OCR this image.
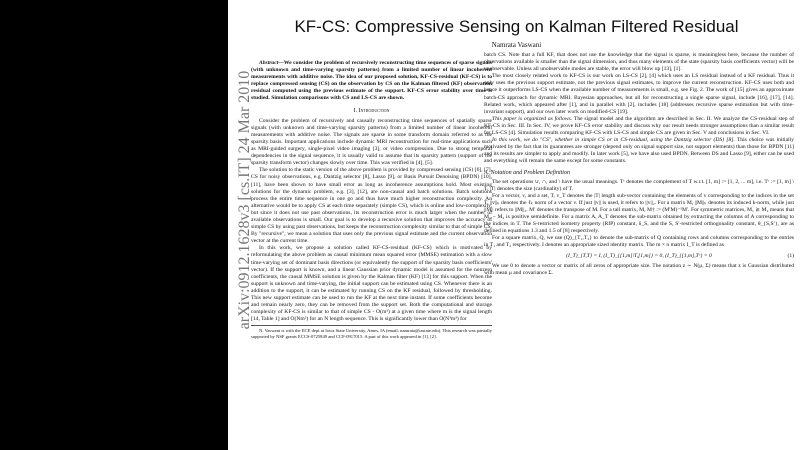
arXiv:0912.1628v3 [cs.IT] 24 Mar 2010
KF-CS: Compressive Sensing on Kalman Filtered Residual
Namrata Vaswani

Abstract—We consider the problem of recursively reconstructing time sequences of sparse signals (with unknown and time-varying sparsity patterns) from a limited number of linear incoherent measurements with additive noise. The idea of our proposed solution, KF-CS-residual (KF-CS) is to replace compressed sensing (CS) on the observation by CS on the Kalman filtered (KF) observation residual computed using the previous estimate of the support. KF-CS error stability over time is studied. Simulation comparisons with CS and LS-CS are shown.

I. Introduction

Consider the problem of recursively and causally reconstructing time sequences of spatially sparse signals (with unknown and time-varying sparsity patterns) from a limited number of linear incoherent measurements with additive noise. The signals are sparse in some transform domain referred to as the sparsity basis. Important applications include dynamic MRI reconstruction for real-time applications such as MRI-guided surgery, single-pixel video imaging [3], or video compression. Due to strong temporal dependencies in the signal sequence, it is usually valid to assume that its sparsity pattern (support of the sparsity transform vector) changes slowly over time. This was verified in [4], [5].

The solution to the static version of the above problem is provided by compressed sensing (CS) [6], [7]. CS for noisy observations, e.g. Dantzig selector [8], Lasso [9], or Basis Pursuit Denoising (BPDN) [10], [11], have been shown to have small error as long as incoherence assumptions hold. Most existing solutions for the dynamic problem, e.g. [3], [12], are non-causal and batch solutions. Batch solutions process the entire time sequence in one go and thus have much higher reconstruction complexity. An alternative would be to apply CS at each time separately (simple CS), which is online and low-complexity, but since it does not use past observations, its reconstruction error is much larger when the number of available observations is small. Our goal is to develop a recursive solution that improves the accuracy of simple CS by using past observations, but keeps the reconstruction complexity similar to that of simple CS. By "recursive", we mean a solution that uses only the previous signal estimate and the current observation vector at the current time.

In this work, we propose a solution called KF-CS-residual (KF-CS) which is motivated by reformulating the above problem as causal minimum mean squared error (MMSE) estimation with a slow time-varying set of dominant basis directions (or equivalently the support of the sparsity basis coefficients' vector). If the support is known, and a linear Gaussian prior dynamic model is assumed for the nonzero coefficients, the causal MMSE solution is given by the Kalman filter (KF) [13] for this support. When the support is unknown and time-varying, the initial support can be estimated using CS. Whenever there is an addition to the support, it can be estimated by running CS on the KF residual, followed by thresholding. This new support estimate can be used to run the KF at the next time instant. If some coefficients become and remain nearly zero, they can be removed from the support set. Both the computational and storage complexity of KF-CS is similar to that of simple CS - O(m³) at a given time where m is the signal length [14, Table 1] and O(Nm²) for an N length sequence. This is significantly lower than O(N³m³) for

N. Vaswani is with the ECE dept at Iowa State University, Ames, IA (email: namrata@iastate.edu). This research was partially supported by NSF grants ECCS-0725849 and CCF-0917015. A part of this work appeared in [1], [2].

batch CS. Note that a full KF, that does not use the knowledge that the signal is sparse, is meaningless here, because the number of observations available is smaller than the signal dimension, and thus many elements of the state (sparsity basis coefficients vector) will be unobservable. Unless all unobservable modes are stable, the error will blow up [13], [1].

The most closely related work to KF-CS is our work on LS-CS [2], [4] which uses an LS residual instead of a KF residual. Thus it only uses the previous support estimate, not the previous signal estimates, to improve the current reconstruction. KF-CS uses both and hence it outperforms LS-CS when the available number of measurements is small, e.g. see Fig. 2. The work of [15] gives an approximate batch-CS approach for dynamic MRI. Bayesian approaches, but all for reconstructing a single sparse signal, include [16], [17], [14]. Related work, which appeared after [1], and in parallel with [2], includes [18] (addresses recursive sparse estimation but with time-invariant support), and our own later work on modified-CS [19].

This paper is organized as follows. The signal model and the algorithm are described in Sec. II. We analyze the CS-residual step of KF-CS in Sec. III. In Sec. IV, we prove KF-CS error stability and discuss why our result needs stronger assumptions than a similar result for LS-CS [4]. Simulation results comparing KF-CS with LS-CS and simple CS are given in Sec. V and conclusions in Sec. VI.

In this work, we do "CS", whether in simple CS or in CS-residual, using the Dantzig selector (DS) [8]. This choice was initially motivated by the fact that its guarantees are stronger (depend only on signal support size, not support elements) than those for BPDN [11] and its results are simpler to apply and modify. In later work [5], we have also used BPDN. Between DS and Lasso [9], either can be used and everything will remain the same except for some constants.

A. Notation and Problem Definition

The set operations ∪, ∩, and \ have the usual meanings. Tᶜ denotes the complement of T w.r.t. [1, m] := [1, 2, ... m], i.e. Tᶜ := [1, m] \ T. |T| denotes the size (cardinality) of T.

For a vector, v, and a set, T, v_T denotes the |T| length sub-vector containing the elements of v corresponding to the indices in the set T. ||v||ₖ denotes the ℓₖ norm of a vector v. If just ||v|| is used, it refers to ||v||₂. For a matrix M, ||M||ₖ denotes its induced k-norm, while just ||M|| refers to ||M||₂. M′ denotes the transpose of M. For a tall matrix, M, M† := (M′M)⁻¹M′. For symmetric matrices, M₁ ⪰ M₂ means that M₁ − M₂ is positive semidefinite. For a matrix A, A_T denotes the sub-matrix obtained by extracting the columns of A corresponding to the indices in T. The S-restricted isometry property (RIP) constant, δ_S, and the S, S′-restricted orthogonality constant, θ_{S,S′}, are as defined in equations 1.3 and 1.5 of [8] respectively.

For a square matrix, Q, we use (Q)_{T₁,T₂} to denote the sub-matrix of Q containing rows and columns corresponding to the entries in T₁ and T₂ respectively. I denotes an appropriate sized identity matrix. The m × n matrix I_T is defined as

(I_T)_{T,T} = I, (I_T)_{[1,m]\T,[1,m]} = 0, (I_T)_{[1,m],Tᶜ} = 0	(1)

We use 0 to denote a vector or matrix of all zeros of appropriate size. The notation z ∼ N(μ, Σ) means that z is Gaussian distributed with mean μ and covariance Σ.
